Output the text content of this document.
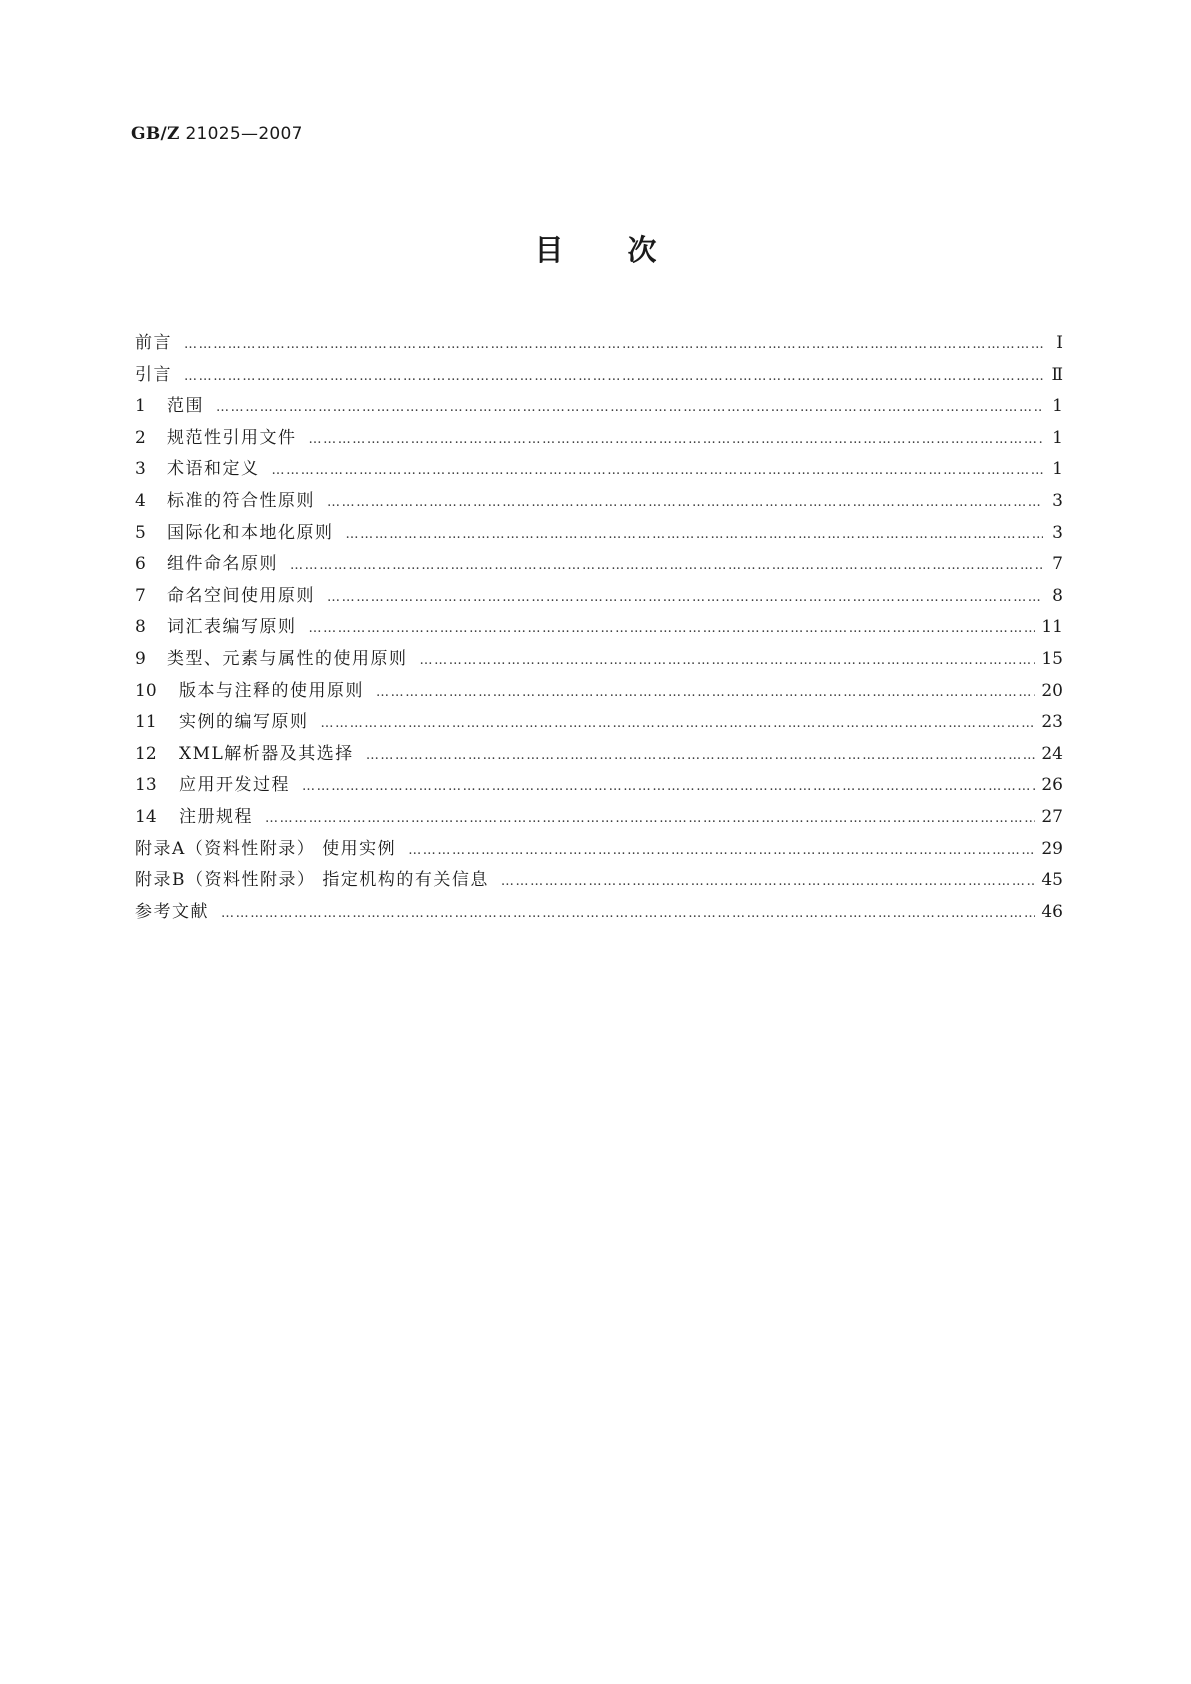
GB/Z 21025—2007
目次
前言 …………………………………………………………………………………………………………………………………………………………………………………………………………………………	Ⅰ
引言 …………………………………………………………………………………………………………………………………………………………………………………………………………………………	Ⅱ
1	范围 …………………………………………………………………………………………………………………………………………………………………………………………………………………………	1
2	规范性引用文件 …………………………………………………………………………………………………………………………………………………………………………………………………………………………	1
3	术语和定义 …………………………………………………………………………………………………………………………………………………………………………………………………………………………	1
4	标准的符合性原则 …………………………………………………………………………………………………………………………………………………………………………………………………………………………	3
5	国际化和本地化原则 …………………………………………………………………………………………………………………………………………………………………………………………………………………………	3
6	组件命名原则 …………………………………………………………………………………………………………………………………………………………………………………………………………………………	7
7	命名空间使用原则 …………………………………………………………………………………………………………………………………………………………………………………………………………………………	8
8	词汇表编写原则 …………………………………………………………………………………………………………………………………………………………………………………………………………………………	11
9	类型、元素与属性的使用原则 …………………………………………………………………………………………………………………………………………………………………………………………………………………………	15
10	版本与注释的使用原则 …………………………………………………………………………………………………………………………………………………………………………………………………………………………	20
11	实例的编写原则 …………………………………………………………………………………………………………………………………………………………………………………………………………………………	23
12	XML解析器及其选择 …………………………………………………………………………………………………………………………………………………………………………………………………………………………	24
13	应用开发过程 …………………………………………………………………………………………………………………………………………………………………………………………………………………………	26
14	注册规程 …………………………………………………………………………………………………………………………………………………………………………………………………………………………	27
附录A（资料性附录） 使用实例 …………………………………………………………………………………………………………………………………………………………………………………………………………………………	29
附录B（资料性附录） 指定机构的有关信息 …………………………………………………………………………………………………………………………………………………………………………………………………………………………	45
参考文献 …………………………………………………………………………………………………………………………………………………………………………………………………………………………	46
